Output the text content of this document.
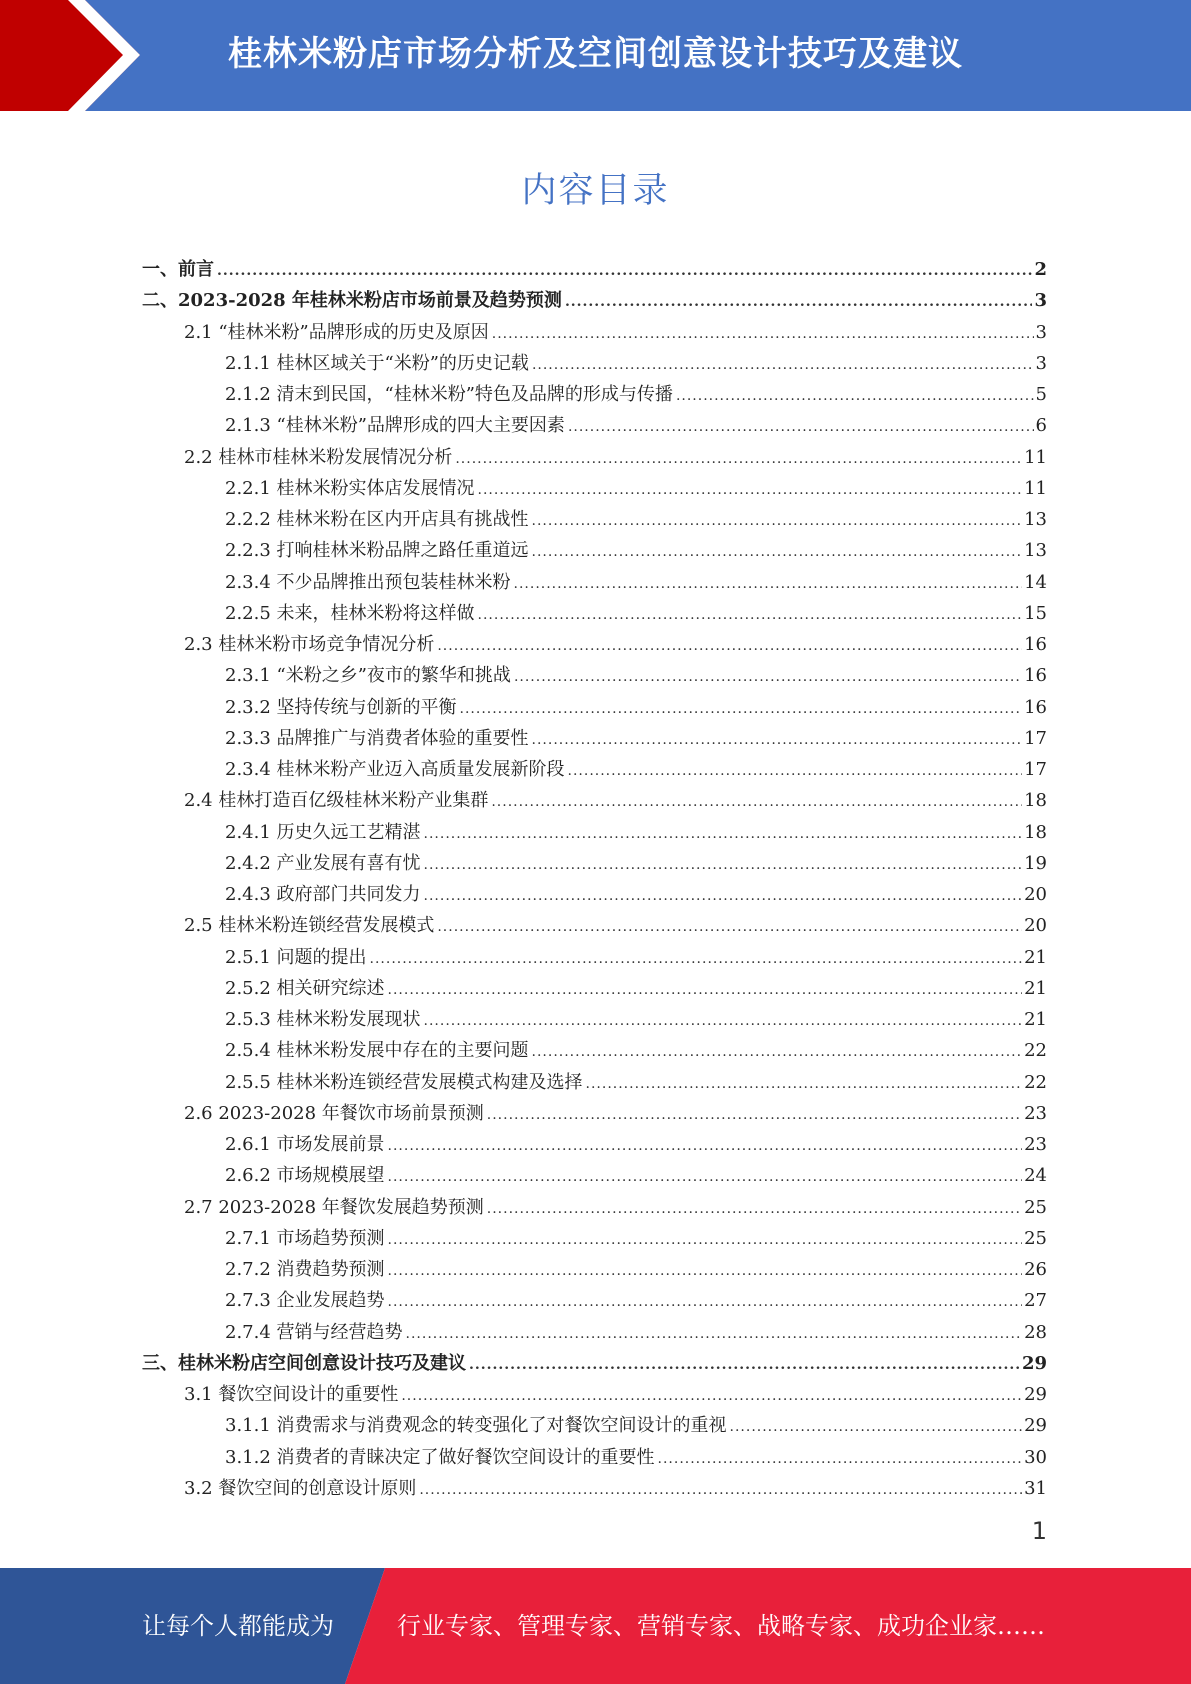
桂林米粉店市场分析及空间创意设计技巧及建议
内容目录
一、前言 .....	2
二、2023-2028 年桂林米粉店市场前景及趋势预测 .....	3
2.1 “桂林米粉”品牌形成的历史及原因 .....	3
2.1.1 桂林区域关于“米粉”的历史记载 .....	3
2.1.2 清末到民国，“桂林米粉”特色及品牌的形成与传播 .....	5
2.1.3 “桂林米粉”品牌形成的四大主要因素 .....	6
2.2 桂林市桂林米粉发展情况分析 .....	11
2.2.1 桂林米粉实体店发展情况 .....	11
2.2.2 桂林米粉在区内开店具有挑战性 .....	13
2.2.3 打响桂林米粉品牌之路任重道远 .....	13
2.3.4 不少品牌推出预包装桂林米粉 .....	14
2.2.5 未来，桂林米粉将这样做 .....	15
2.3 桂林米粉市场竞争情况分析 .....	16
2.3.1 “米粉之乡”夜市的繁华和挑战 .....	16
2.3.2 坚持传统与创新的平衡 .....	16
2.3.3 品牌推广与消费者体验的重要性 .....	17
2.3.4 桂林米粉产业迈入高质量发展新阶段 .....	17
2.4 桂林打造百亿级桂林米粉产业集群 .....	18
2.4.1 历史久远工艺精湛 .....	18
2.4.2 产业发展有喜有忧 .....	19
2.4.3 政府部门共同发力 .....	20
2.5 桂林米粉连锁经营发展模式 .....	20
2.5.1 问题的提出 .....	21
2.5.2 相关研究综述 .....	21
2.5.3 桂林米粉发展现状 .....	21
2.5.4 桂林米粉发展中存在的主要问题 .....	22
2.5.5 桂林米粉连锁经营发展模式构建及选择 .....	22
2.6 2023-2028 年餐饮市场前景预测 .....	23
2.6.1 市场发展前景 .....	23
2.6.2 市场规模展望 .....	24
2.7 2023-2028 年餐饮发展趋势预测 .....	25
2.7.1 市场趋势预测 .....	25
2.7.2 消费趋势预测 .....	26
2.7.3 企业发展趋势 .....	27
2.7.4 营销与经营趋势 .....	28
三、桂林米粉店空间创意设计技巧及建议 .....	29
3.1 餐饮空间设计的重要性 .....	29
3.1.1 消费需求与消费观念的转变强化了对餐饮空间设计的重视 .....	29
3.1.2 消费者的青睐决定了做好餐饮空间设计的重要性 .....	30
3.2 餐饮空间的创意设计原则 .....	31
1
让每个人都能成为	行业专家、管理专家、营销专家、战略专家、成功企业家……
